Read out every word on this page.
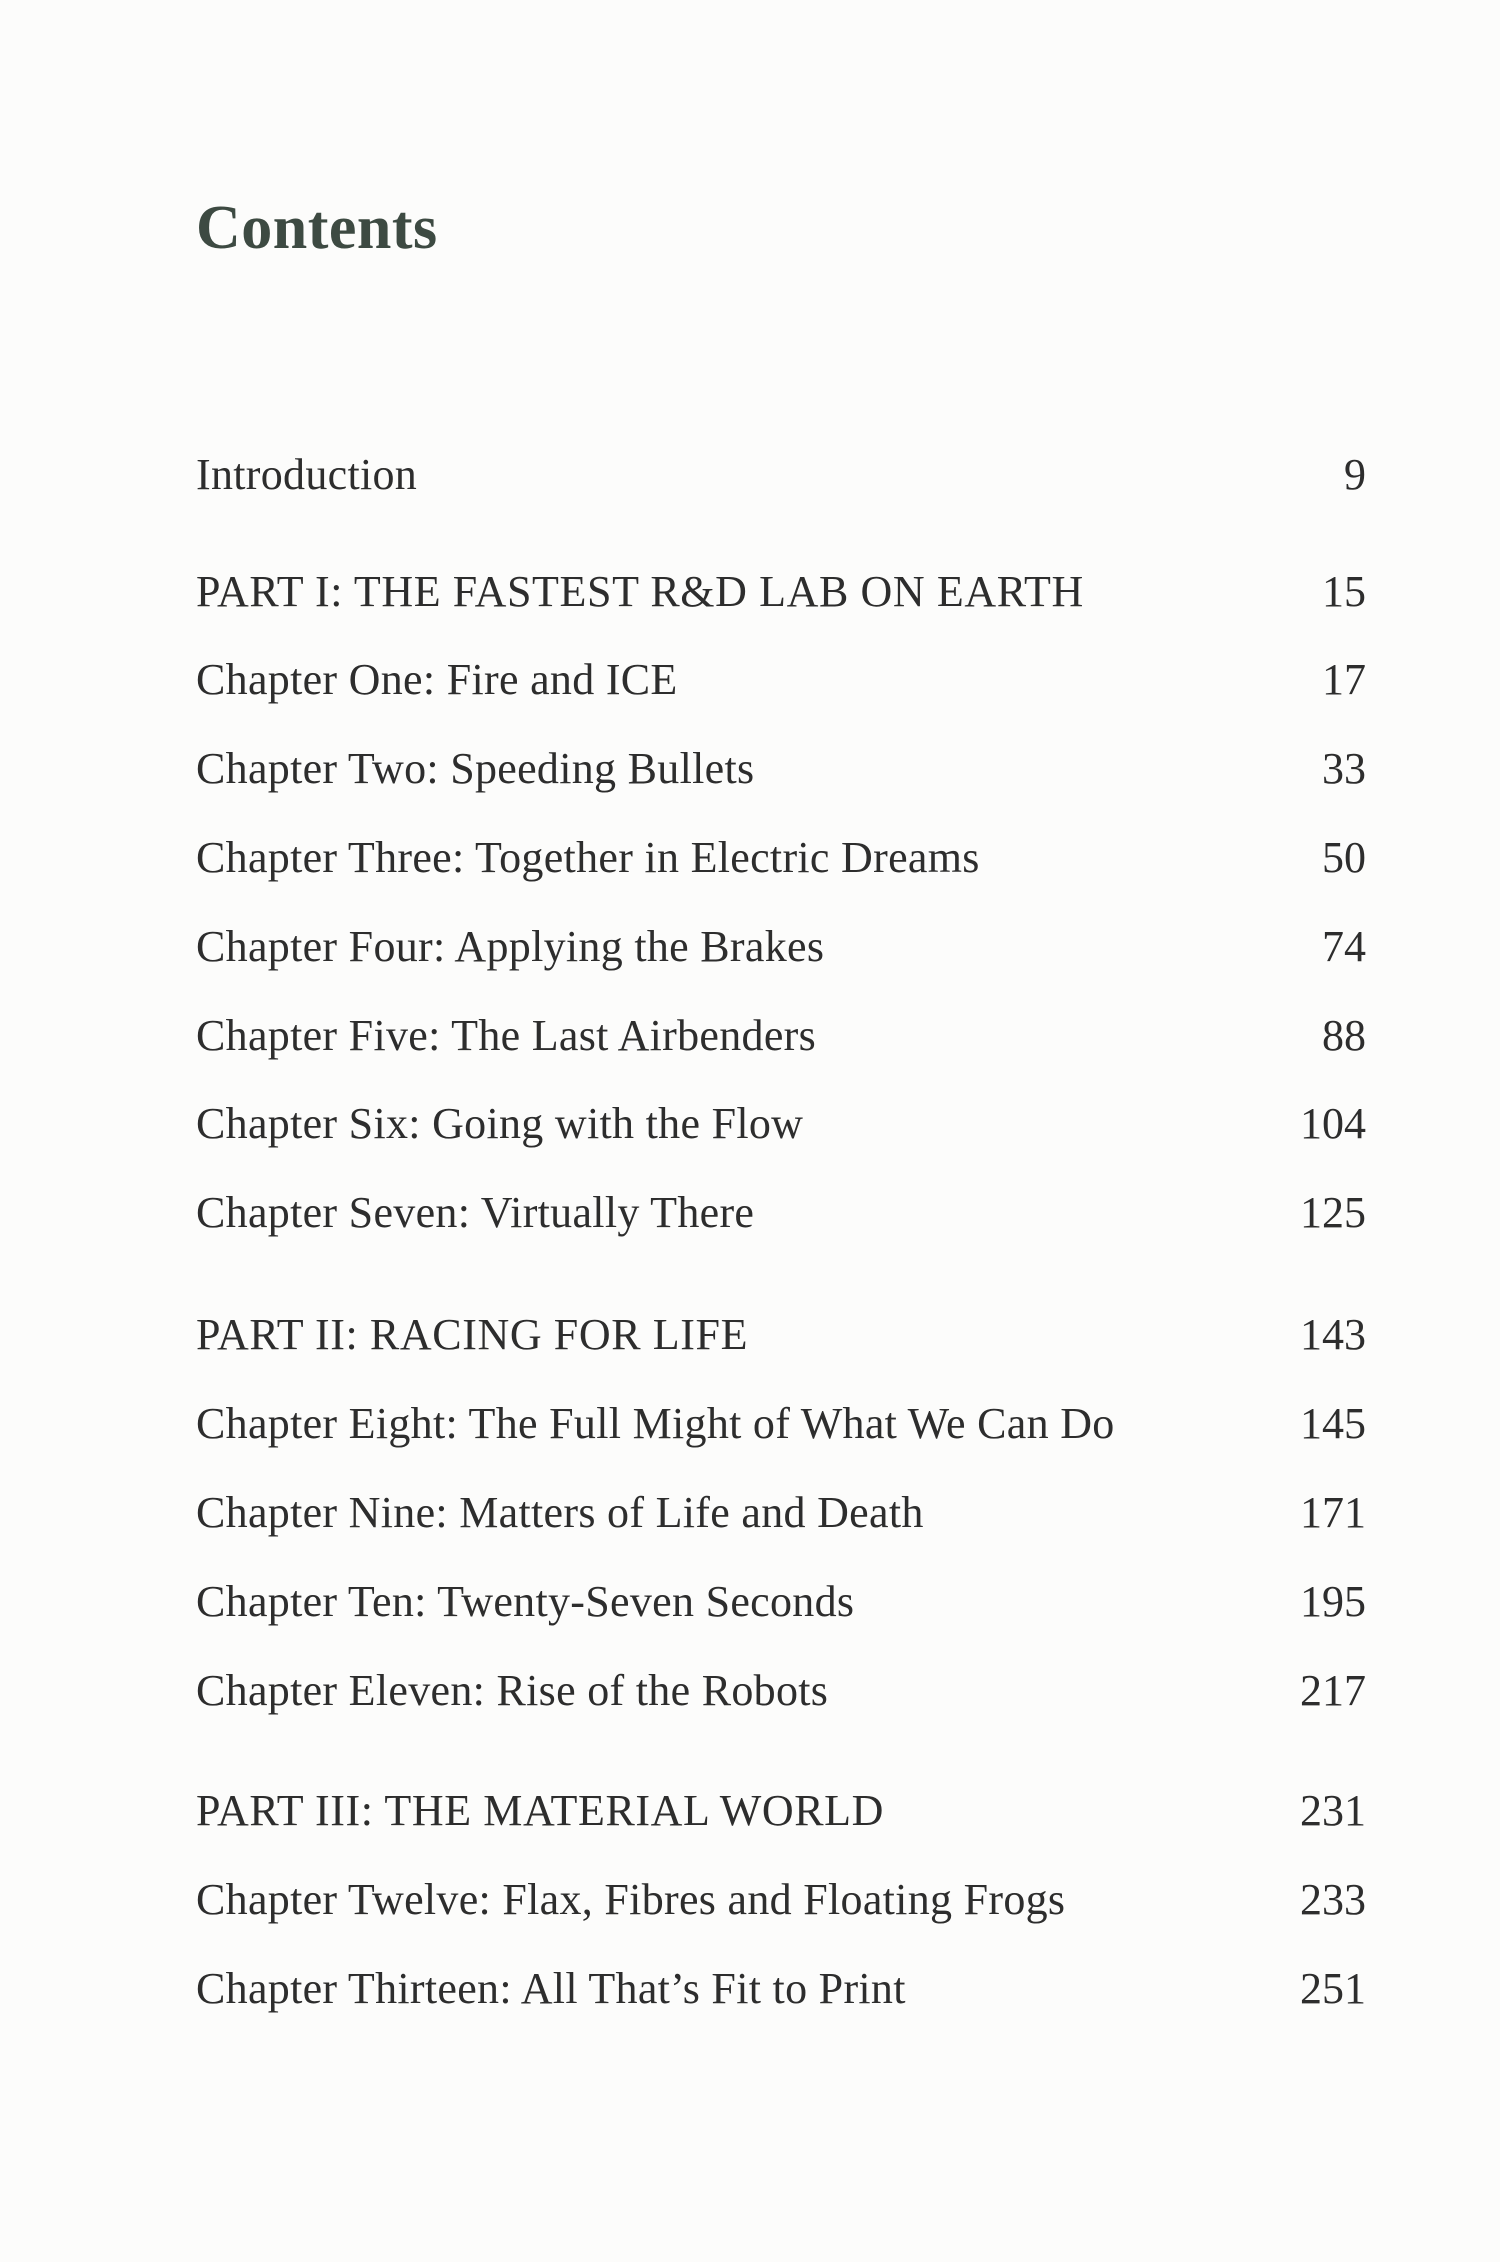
Contents
Introduction	9
PART I: THE FASTEST R&D LAB ON EARTH	15
Chapter One: Fire and ICE	17
Chapter Two: Speeding Bullets	33
Chapter Three: Together in Electric Dreams	50
Chapter Four: Applying the Brakes	74
Chapter Five: The Last Airbenders	88
Chapter Six: Going with the Flow	104
Chapter Seven: Virtually There	125
PART II: RACING FOR LIFE	143
Chapter Eight: The Full Might of What We Can Do	145
Chapter Nine: Matters of Life and Death	171
Chapter Ten: Twenty-Seven Seconds	195
Chapter Eleven: Rise of the Robots	217
PART III: THE MATERIAL WORLD	231
Chapter Twelve: Flax, Fibres and Floating Frogs	233
Chapter Thirteen: All That’s Fit to Print	251
